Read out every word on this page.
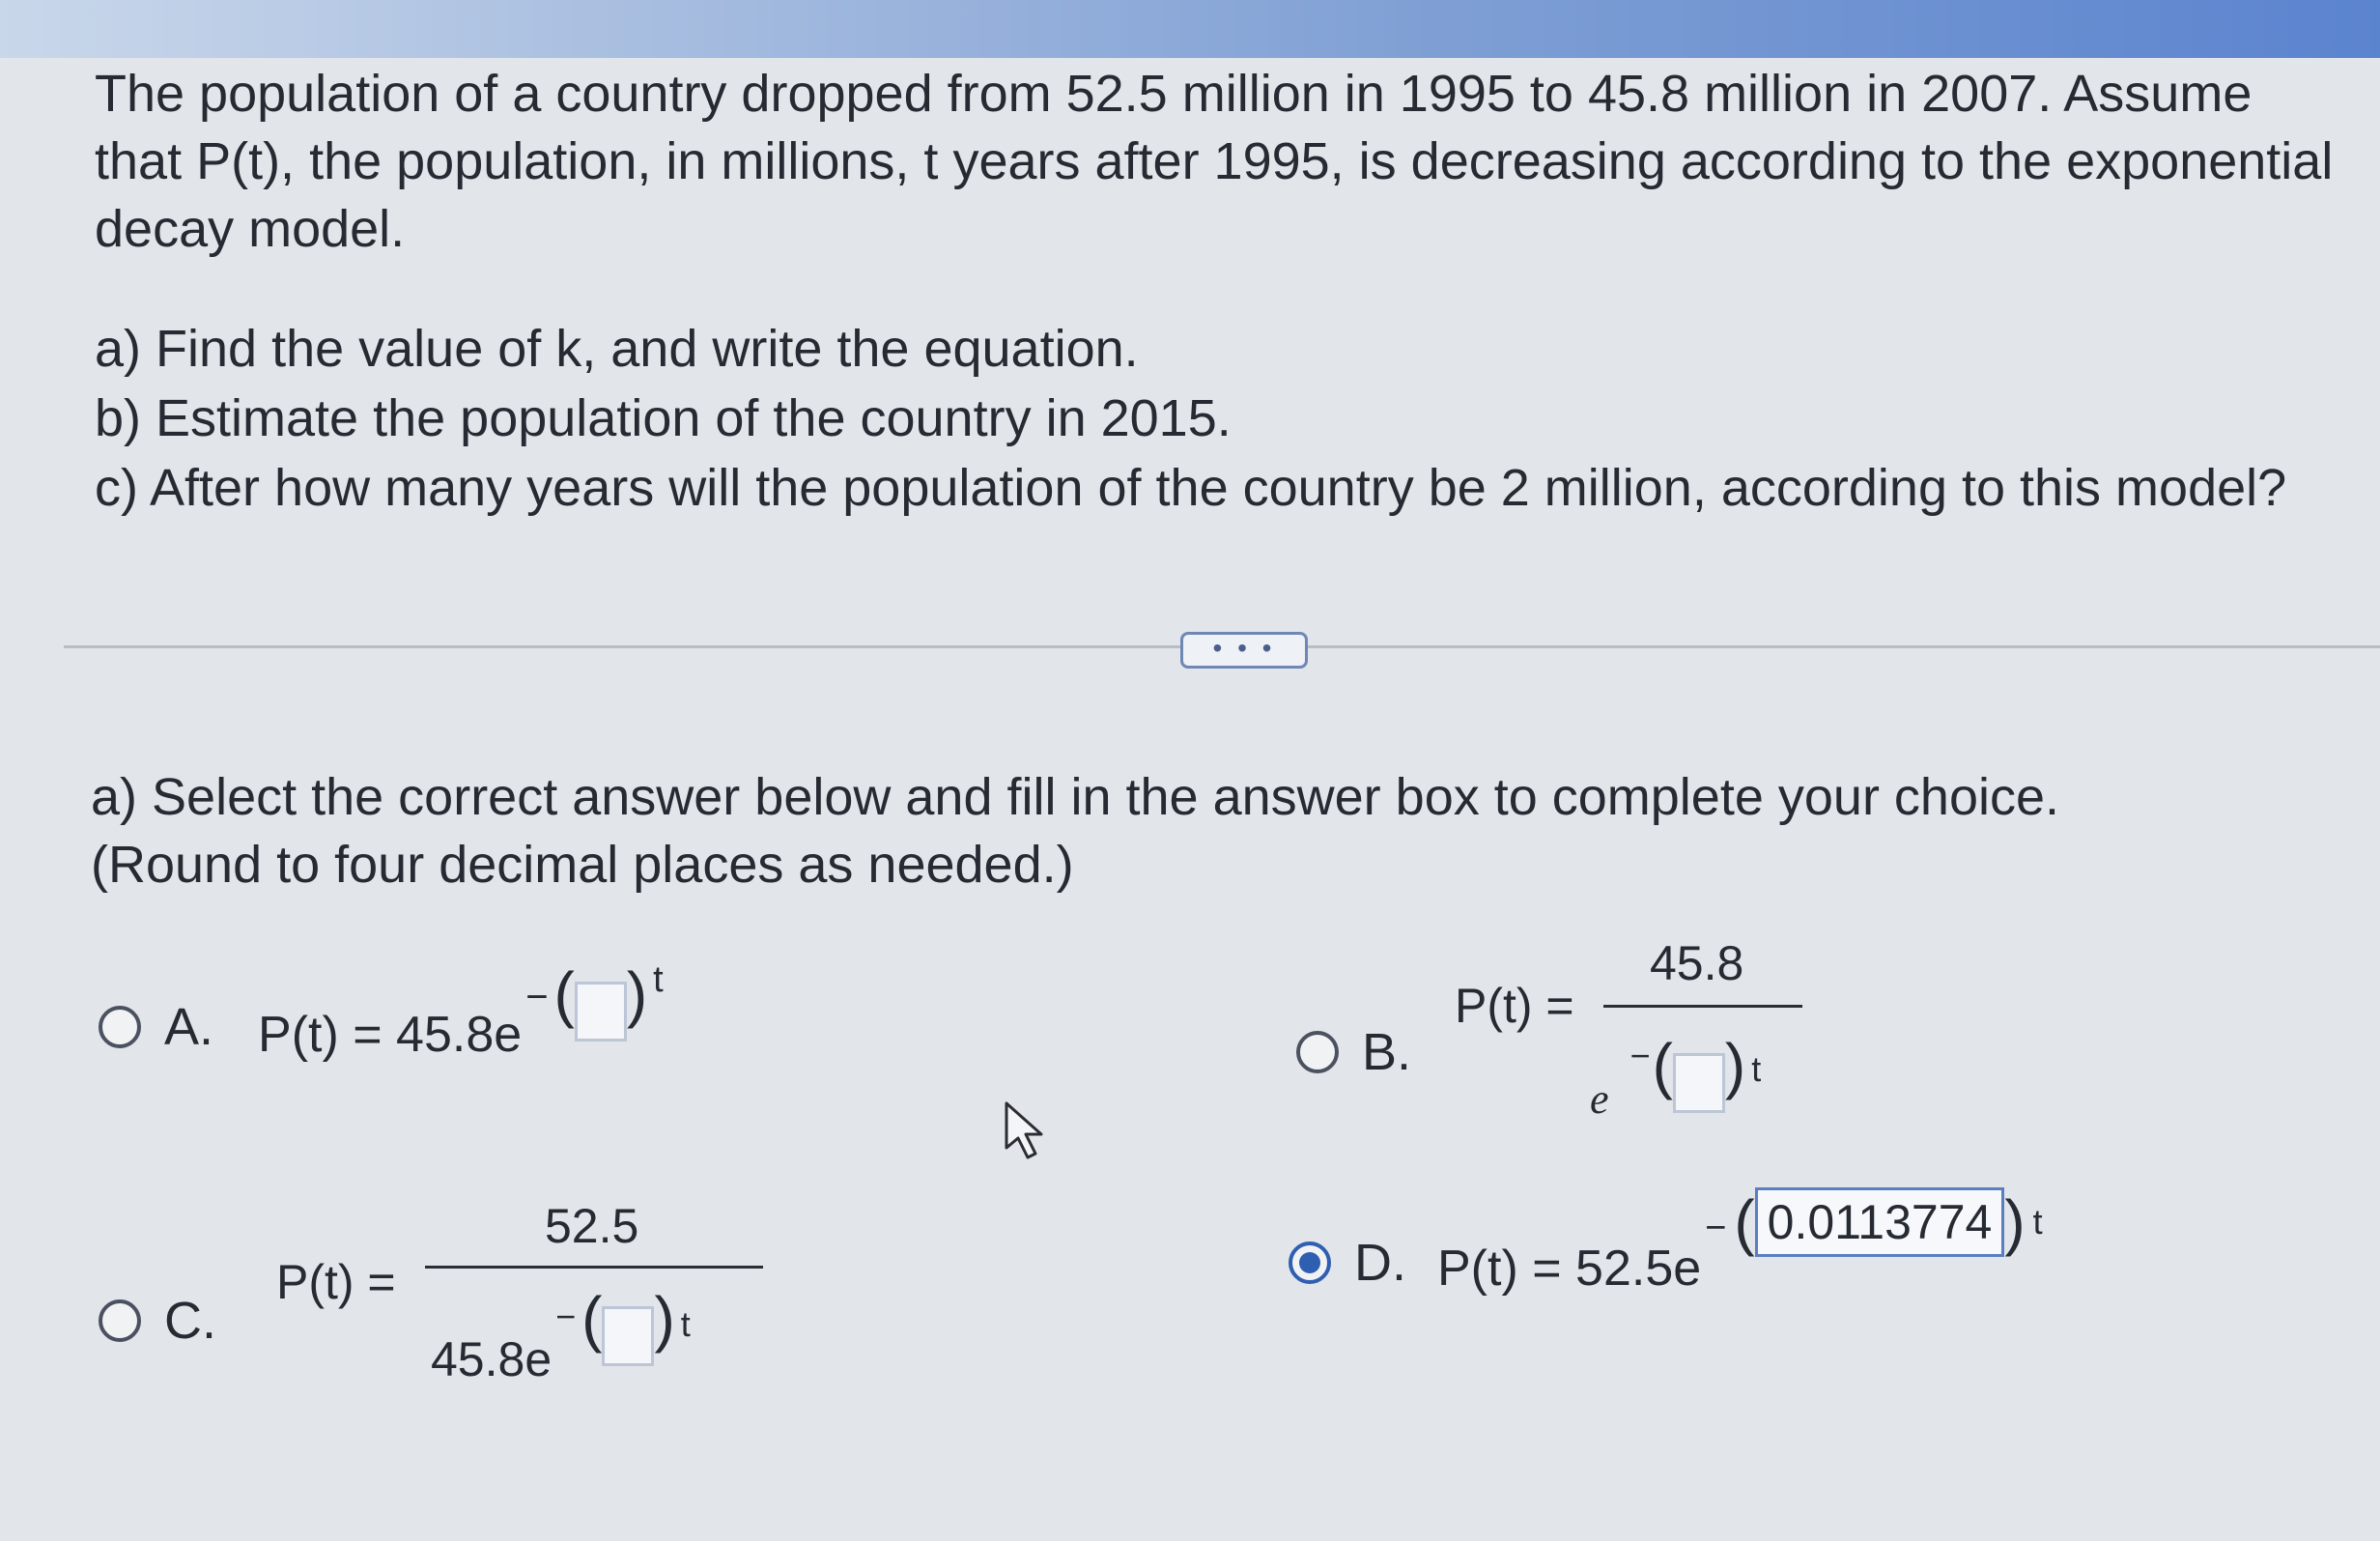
The population of a country dropped from 52.5 million in 1995 to 45.8 million in 2007. Assume

that P(t), the population, in millions, t years after 1995, is decreasing according to the exponential

decay model.

a) Find the value of k, and write the equation.
b) Estimate the population of the country in 2015.
c) After how many years will the population of the country be 2 million, according to this model?
• • •
a) Select the correct answer below and fill in the answer box to complete your choice.
(Round to four decimal places as needed.)
A. P(t) = 45.8e
− ( ) t
B.
P(t) =
45.8
e
− ( ) t
C.
P(t) =
52.5
45.8e
− ( ) t
D. P(t) = 52.5e
− ( 0.0113774 ) t
